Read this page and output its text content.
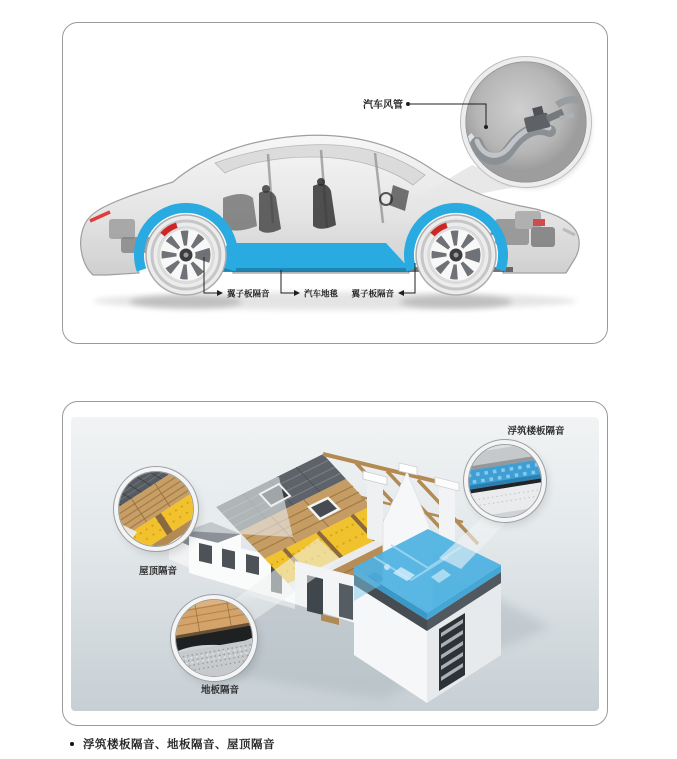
汽车风管
翼子板隔音	汽车地毯 翼子板隔音
浮筑楼板隔音
屋顶隔音
地板隔音
浮筑楼板隔音、地板隔音、屋顶隔音
